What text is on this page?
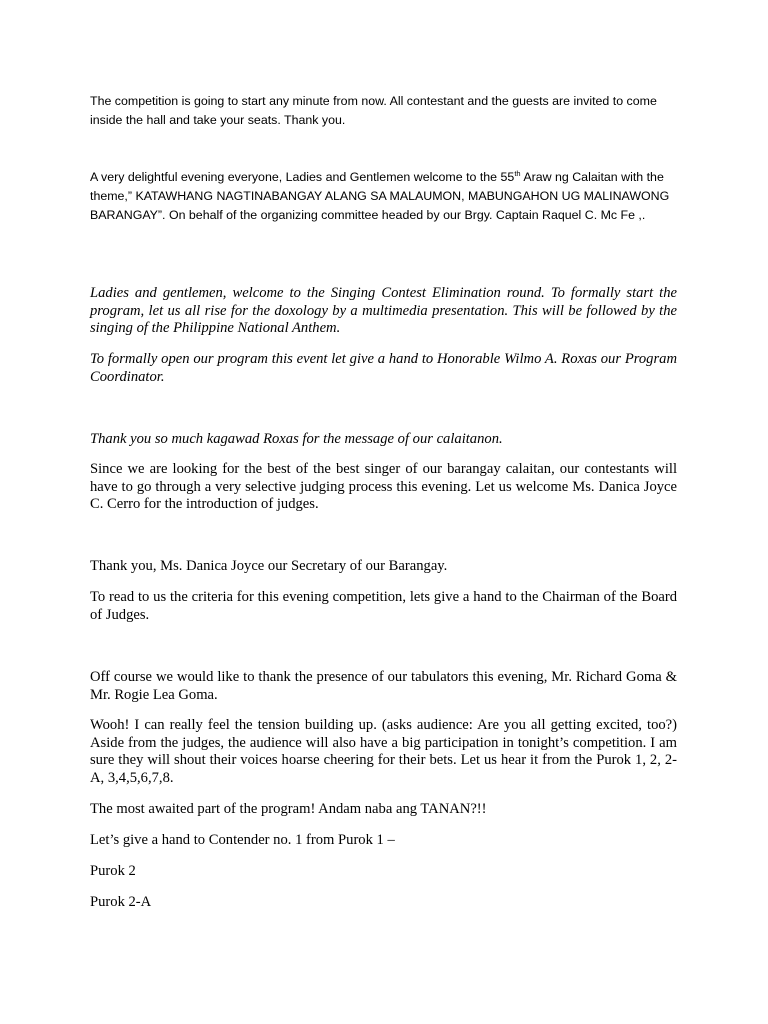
The competition is going to start any minute from now. All contestant and the guests are invited to come inside the hall and take your seats. Thank you.

A very delightful evening everyone, Ladies and Gentlemen welcome to the 55th Araw ng Calaitan with the theme,” KATAWHANG NAGTINABANGAY ALANG SA MALAUMON, MABUNGAHON UG MALINAWONG BARANGAY”. On behalf of the organizing committee headed by our Brgy. Captain Raquel C. Mc Fe ,.

Ladies and gentlemen, welcome to the Singing Contest Elimination round. To formally start the program, let us all rise for the doxology by a multimedia presentation. This will be followed by the singing of the Philippine National Anthem.

To formally open our program this event let give a hand to Honorable Wilmo A. Roxas our Program Coordinator.

Thank you so much kagawad Roxas for the message of our calaitanon.

Since we are looking for the best of the best singer of our barangay calaitan, our contestants will have to go through a very selective judging process this evening. Let us welcome Ms. Danica Joyce C. Cerro for the introduction of judges.

Thank you, Ms. Danica Joyce our Secretary of our Barangay.

To read to us the criteria for this evening competition, lets give a hand to the Chairman of the Board of Judges.

Off course we would like to thank the presence of our tabulators this evening, Mr. Richard Goma & Mr. Rogie Lea Goma.

Wooh! I can really feel the tension building up. (asks audience: Are you all getting excited, too?) Aside from the judges, the audience will also have a big participation in tonight’s competition. I am sure they will shout their voices hoarse cheering for their bets. Let us hear it from the Purok 1, 2, 2-A, 3,4,5,6,7,8.

The most awaited part of the program! Andam naba ang TANAN?!!

Let’s give a hand to Contender no. 1 from Purok 1 –

Purok 2

Purok 2-A
